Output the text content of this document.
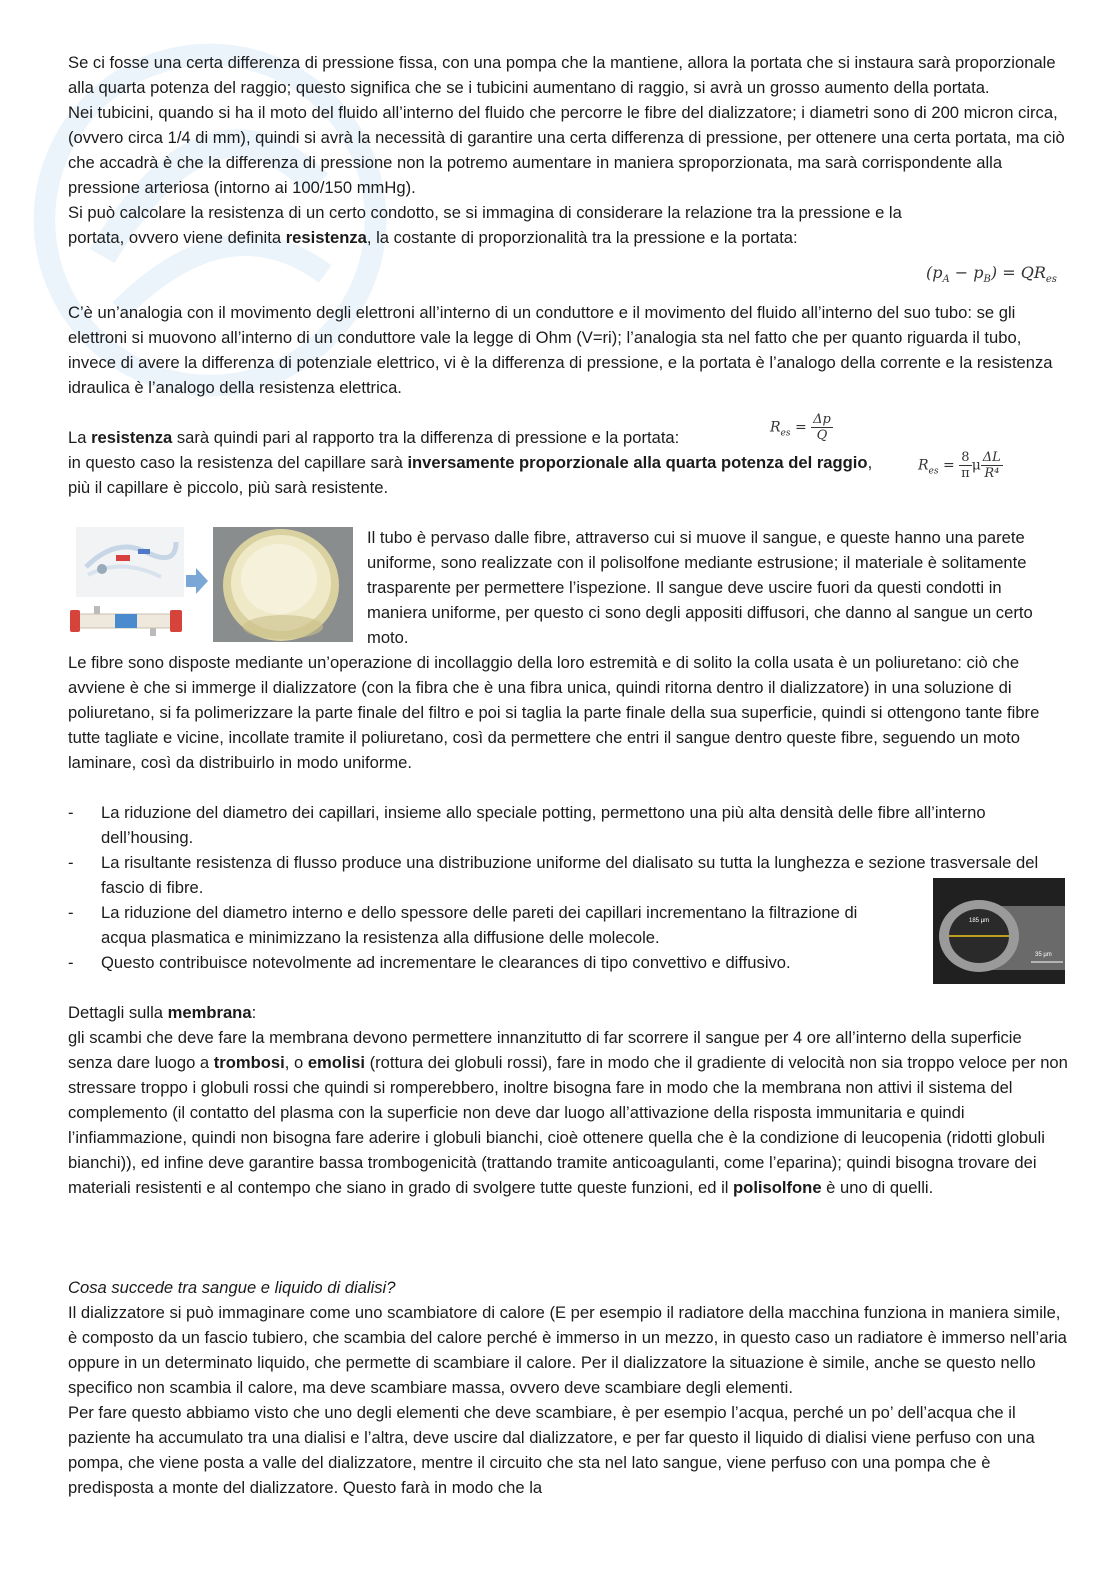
Se ci fosse una certa differenza di pressione fissa, con una pompa che la mantiene, allora la portata che si instaura sarà proporzionale alla quarta potenza del raggio; questo significa che se i tubicini aumentano di raggio, si avrà un grosso aumento della portata.

Nei tubicini, quando si ha il moto del fluido all’interno del fluido che percorre le fibre del dializzatore; i diametri sono di 200 micron circa, (ovvero circa 1/4 di mm), quindi si avrà la necessità di garantire una certa differenza di pressione, per ottenere una certa portata, ma ciò che accadrà è che la differenza di pressione non la potremo aumentare in maniera sproporzionata, ma sarà corrispondente alla pressione arteriosa (intorno ai 100/150 mmHg).

Si può calcolare la resistenza di un certo condotto, se si immagina di considerare la relazione tra la pressione e la portata, ovvero viene definita resistenza, la costante di proporzionalità tra la pressione e la portata:

$(p_A - p_B) = QR_{es}$

C’è un’analogia con il movimento degli elettroni all’interno di un conduttore e il movimento del fluido all’interno del suo tubo: se gli elettroni si muovono all’interno di un conduttore vale la legge di Ohm (V=ri); l’analogia sta nel fatto che per quanto riguarda il tubo, invece di avere la differenza di potenziale elettrico, vi è la differenza di pressione, e la portata è l’analogo della corrente e la resistenza idraulica è l’analogo della resistenza elettrica.

La resistenza sarà quindi pari al rapporto tra la differenza di pressione e la portata:

in questo caso la resistenza del capillare sarà inversamente proporzionale alla quarta potenza del raggio, più il capillare è piccolo, più sarà resistente.

$R_{es} = \frac{\Delta p}{Q}$
$R_{es} = \frac{8}{\pi}$ μ $\frac{\Delta L}{\text{R⁴}}$

Il tubo è pervaso dalle fibre, attraverso cui si muove il sangue, e queste hanno una parete uniforme, sono realizzate con il polisolfone mediante estrusione; il materiale è solitamente trasparente per permettere l’ispezione. Il sangue deve uscire fuori da questi condotti in maniera uniforme, per questo ci sono degli appositi diffusori, che danno al sangue un certo moto.

Le fibre sono disposte mediante un’operazione di incollaggio della loro estremità e di solito la colla usata è un poliuretano: ciò che avviene è che si immerge il dializzatore (con la fibra che è una fibra unica, quindi ritorna dentro il dializzatore) in una soluzione di poliuretano, si fa polimerizzare la parte finale del filtro e poi si taglia la parte finale della sua superficie, quindi si ottengono tante fibre tutte tagliate e vicine, incollate tramite il poliuretano, così da permettere che entri il sangue dentro queste fibre, seguendo un moto laminare, così da distribuirlo in modo uniforme.

- La riduzione del diametro dei capillari, insieme allo speciale potting, permettono una più alta densità delle fibre all’interno dell’housing.
- La risultante resistenza di flusso produce una distribuzione uniforme del dialisato su tutta la lunghezza e sezione trasversale del fascio di fibre.
- La riduzione del diametro interno e dello spessore delle pareti dei capillari incrementano la filtrazione di acqua plasmatica e minimizzano la resistenza alla diffusione delle molecole.
- Questo contribuisce notevolmente ad incrementare le clearances di tipo convettivo e diffusivo.
185 µm
35 µm

Dettagli sulla membrana:

gli scambi che deve fare la membrana devono permettere innanzitutto di far scorrere il sangue per 4 ore all’interno della superficie senza dare luogo a trombosi, o emolisi (rottura dei globuli rossi), fare in modo che il gradiente di velocità non sia troppo veloce per non stressare troppo i globuli rossi che quindi si romperebbero, inoltre bisogna fare in modo che la membrana non attivi il sistema del complemento (il contatto del plasma con la superficie non deve dar luogo all’attivazione della risposta immunitaria e quindi l’infiammazione, quindi non bisogna fare aderire i globuli bianchi, cioè ottenere quella che è la condizione di leucopenia (ridotti globuli bianchi)), ed infine deve garantire bassa trombogenicità (trattando tramite anticoagulanti, come l’eparina); quindi bisogna trovare dei materiali resistenti e al contempo che siano in grado di svolgere tutte queste funzioni, ed il polisolfone è uno di quelli.

Cosa succede tra sangue e liquido di dialisi?

Il dializzatore si può immaginare come uno scambiatore di calore (E per esempio il radiatore della macchina funziona in maniera simile, è composto da un fascio tubiero, che scambia del calore perché è immerso in un mezzo, in questo caso un radiatore è immerso nell’aria oppure in un determinato liquido, che permette di scambiare il calore. Per il dializzatore la situazione è simile, anche se questo nello specifico non scambia il calore, ma deve scambiare massa, ovvero deve scambiare degli elementi.

Per fare questo abbiamo visto che uno degli elementi che deve scambiare, è per esempio l’acqua, perché un po’ dell’acqua che il paziente ha accumulato tra una dialisi e l’altra, deve uscire dal dializzatore, e per far questo il liquido di dialisi viene perfuso con una pompa, che viene posta a valle del dializzatore, mentre il circuito che sta nel lato sangue, viene perfuso con una pompa che è predisposta a monte del dializzatore. Questo farà in modo che la
